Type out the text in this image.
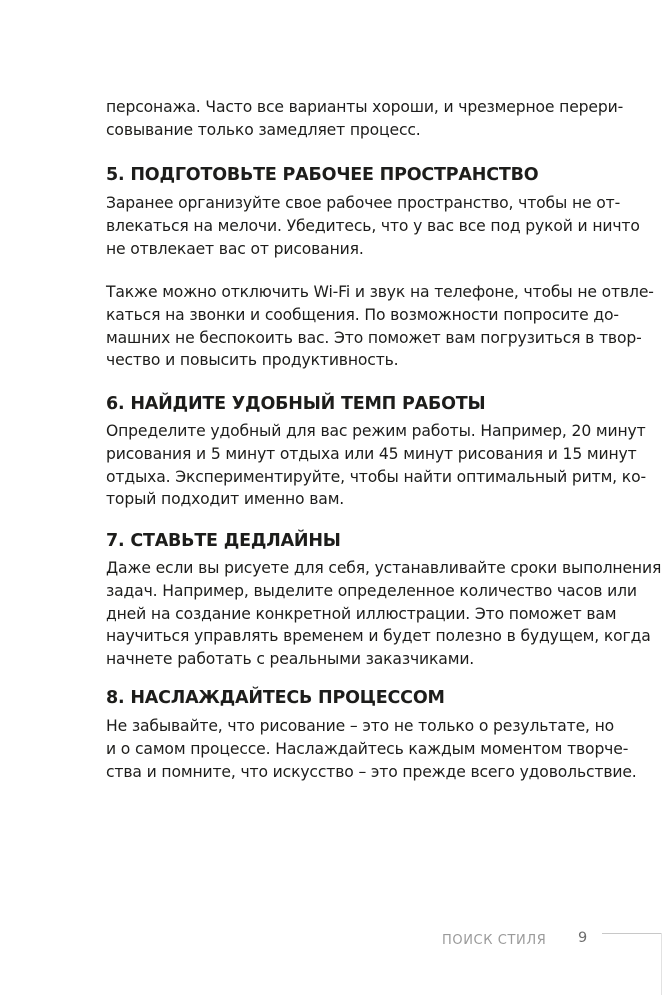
персонажа. Часто все варианты хороши, и чрезмерное перери-
совывание только замедляет процесс.

5. ПОДГОТОВЬТЕ РАБОЧЕЕ ПРОСТРАНСТВО

Заранее организуйте свое рабочее пространство, чтобы не от-
влекаться на мелочи. Убедитесь, что у вас все под рукой и ничто
не отвлекает вас от рисования.

Также можно отключить Wi-Fi и звук на телефоне, чтобы не отвле-
каться на звонки и сообщения. По возможности попросите до-
машних не беспокоить вас. Это поможет вам погрузиться в твор-
чество и повысить продуктивность.

6. НАЙДИТЕ УДОБНЫЙ ТЕМП РАБОТЫ

Определите удобный для вас режим работы. Например, 20 минут
рисования и 5 минут отдыха или 45 минут рисования и 15 минут
отдыха. Экспериментируйте, чтобы найти оптимальный ритм, ко-
торый подходит именно вам.

7. СТАВЬТЕ ДЕДЛАЙНЫ

Даже если вы рисуете для себя, устанавливайте сроки выполнения
задач. Например, выделите определенное количество часов или
дней на создание конкретной иллюстрации. Это поможет вам
научиться управлять временем и будет полезно в будущем, когда
начнете работать с реальными заказчиками.

8. НАСЛАЖДАЙТЕСЬ ПРОЦЕССОМ

Не забывайте, что рисование – это не только о результате, но
и о самом процессе. Наслаждайтесь каждым моментом творче-
ства и помните, что искусство – это прежде всего удовольствие.

ПОИСК СТИЛЯ 9
